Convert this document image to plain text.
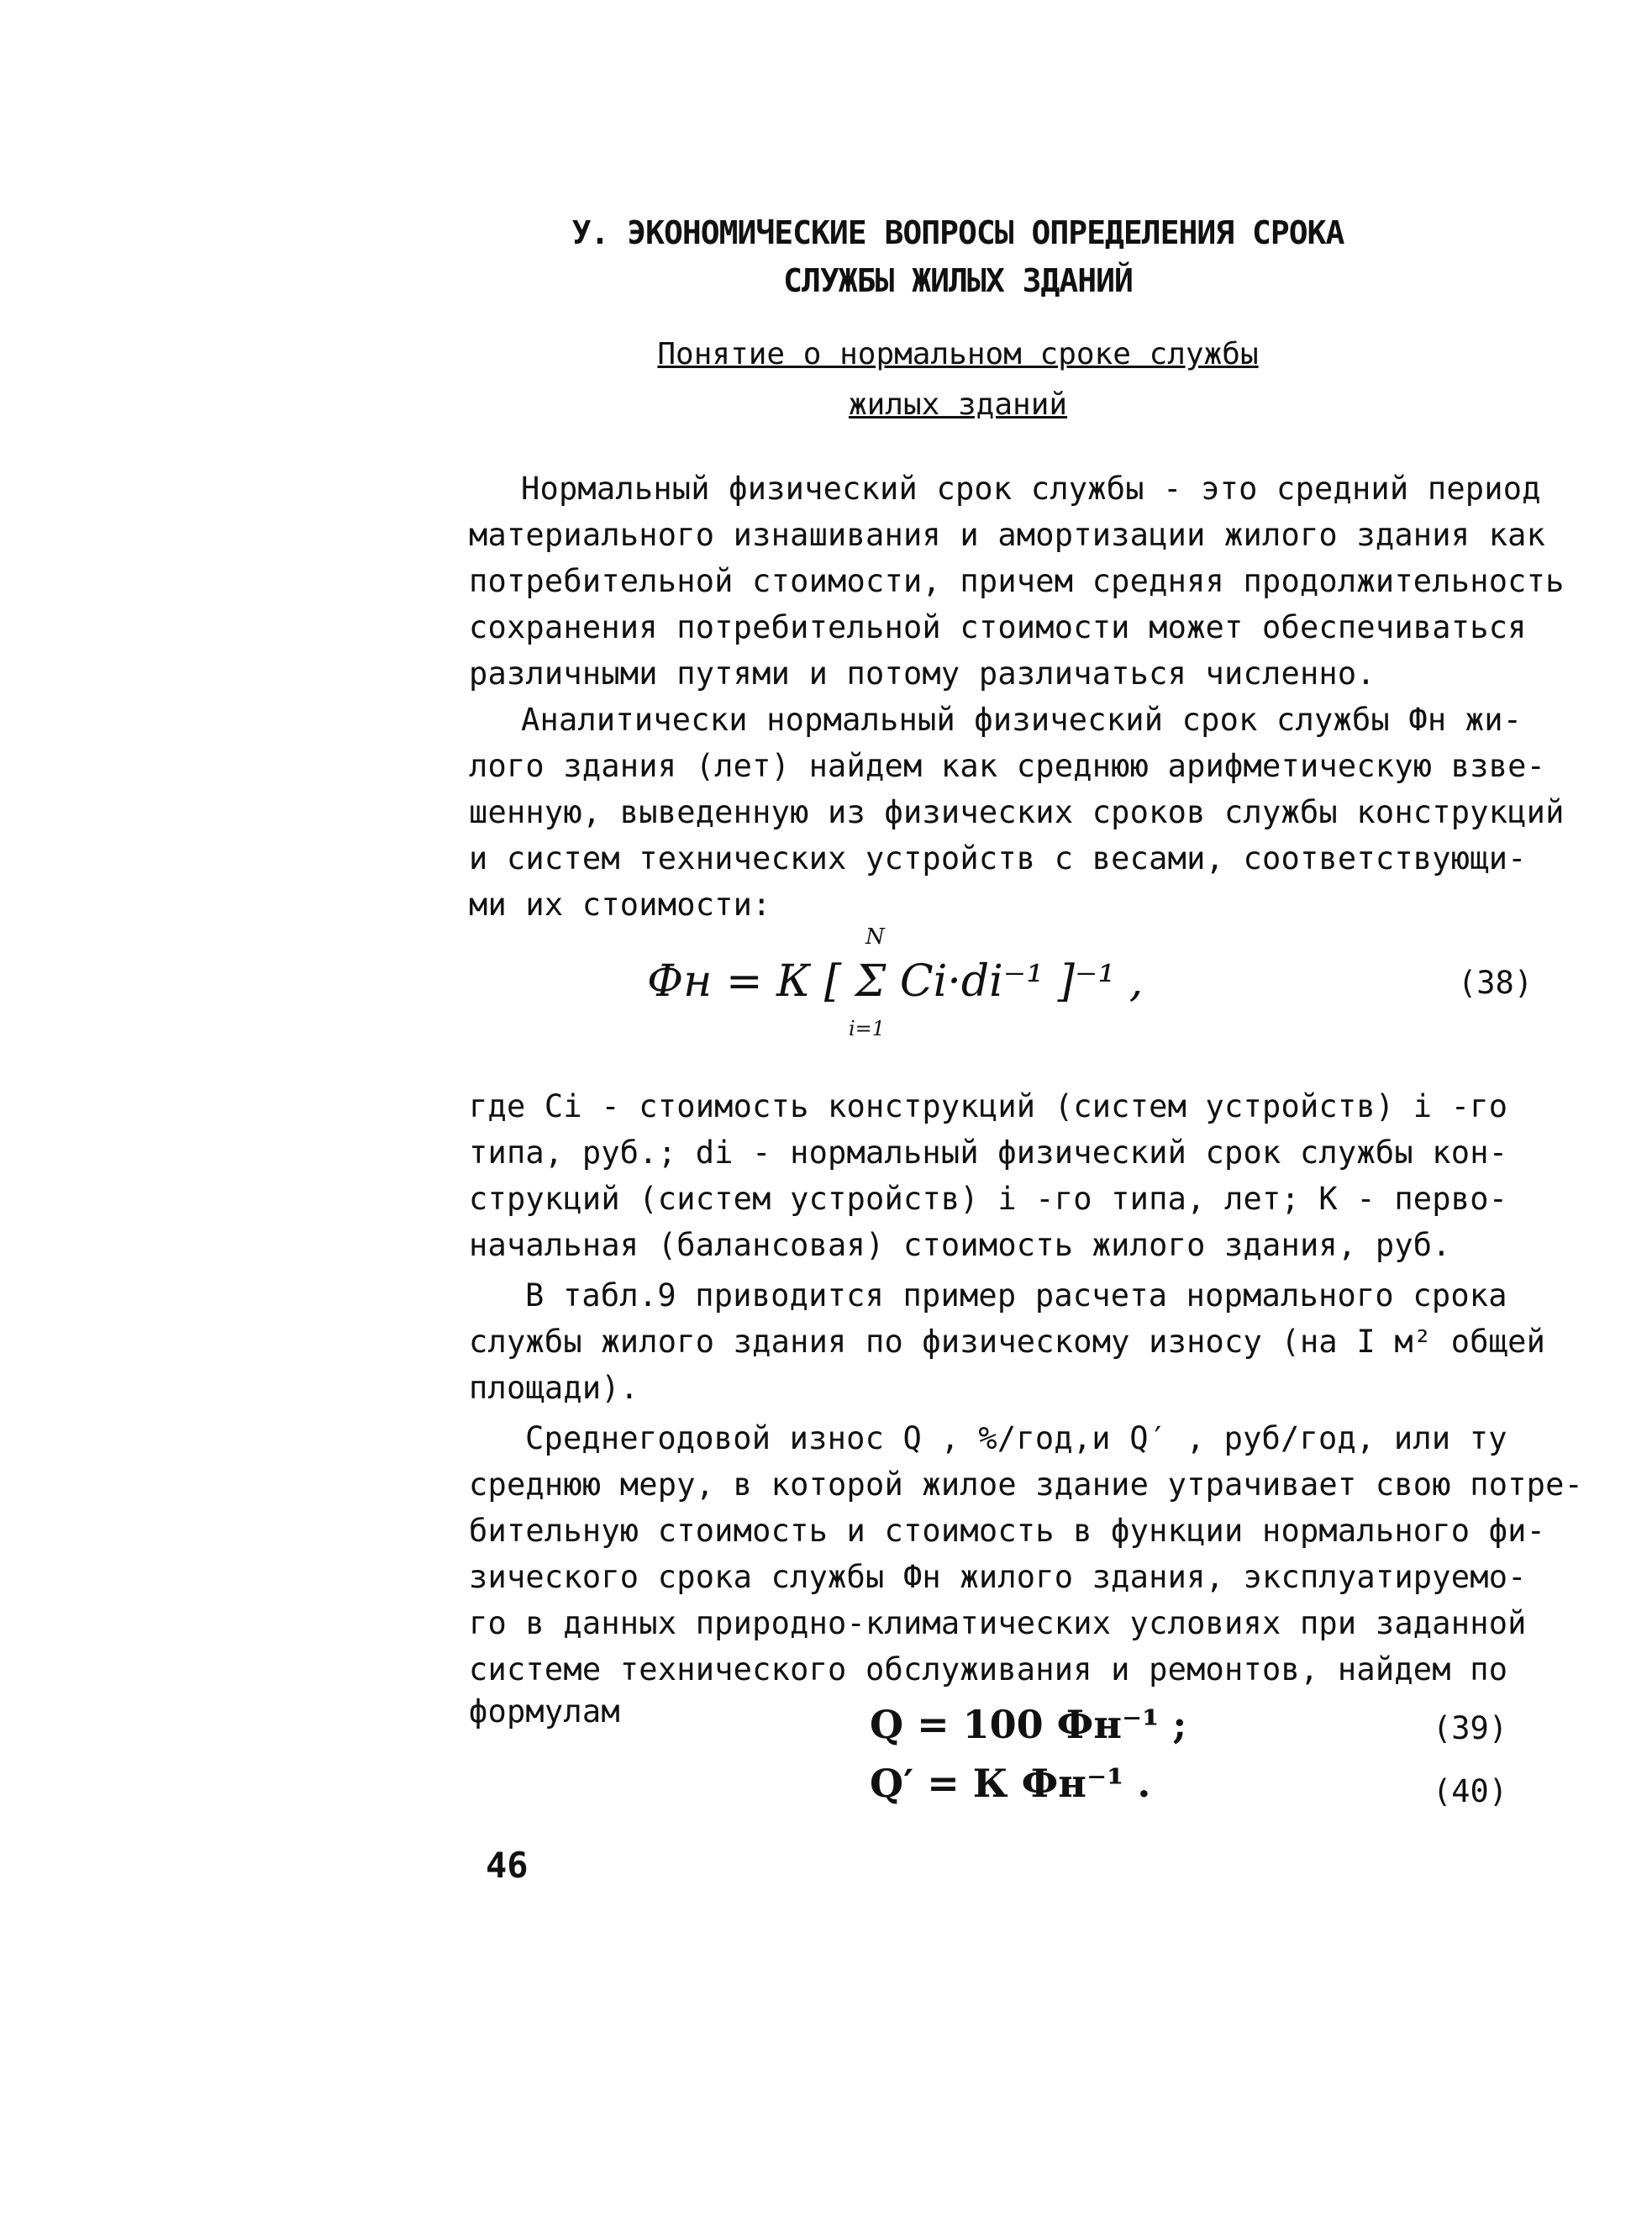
У. ЭКОНОМИЧЕСКИЕ ВОПРОСЫ ОПРЕДЕЛЕНИЯ СРОКА
СЛУЖБЫ ЖИЛЫХ ЗДАНИЙ
Понятие о нормальном сроке службы
жилых зданий
Нормальный физический срок службы - это средний период
материального изнашивания и амортизации жилого здания как
потребительной стоимости, причем средняя продолжительность
сохранения потребительной стоимости может обеспечиваться
различными путями и потому различаться численно.
Аналитически нормальный физический срок службы Фн жи-
лого здания (лет) найдем как среднюю арифметическую взве-
шенную, выведенную из физических сроков службы конструкций
и систем технических устройств с весами, соответствующи-
ми их стоимости:
Фн = К [ Σ Ci·di⁻¹ ]⁻¹ ,
N
i=1
(38)
где Ci - стоимость конструкций (систем устройств) i -го
типа, руб.; di - нормальный физический срок службы кон-
струкций (систем устройств) i -го типа, лет; К - перво-
начальная (балансовая) стоимость жилого здания, руб.
В табл.9 приводится пример расчета нормального срока
службы жилого здания по физическому износу (на I м² общей
площади).
Среднегодовой износ Q , %/год,и Q′ , руб/год, или ту
среднюю меру, в которой жилое здание утрачивает свою потре-
бительную стоимость и стоимость в функции нормального фи-
зического срока службы Фн жилого здания, эксплуатируемо-
го в данных природно-климатических условиях при заданной
системе технического обслуживания и ремонтов, найдем по
формулам	Q = 100 Фн⁻¹ ;	(39)
Q′ = К Фн⁻¹ .	(40)
46
